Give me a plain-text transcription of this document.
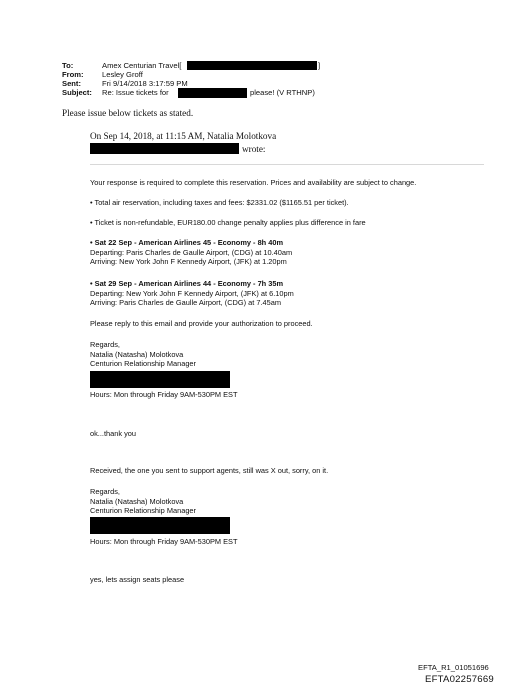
To:	Amex Centurian Travel[	]
From: Lesley Groff
Sent:	Fri 9/14/2018 3:17:59 PM
Subject: Re: Issue tickets for	please! (V RTHNP)
Please issue below tickets as stated.
On Sep 14, 2018, at 11:15 AM, Natalia Molotkova
wrote:
Your response is required to complete this reservation. Prices and availability are subject to change.
• Total air reservation, including taxes and fees: $2331.02 ($1165.51 per ticket).
• Ticket is non-refundable, EUR180.00 change penalty applies plus difference in fare
• Sat 22 Sep - American Airlines 45 - Economy - 8h 40m
Departing: Paris Charles de Gaulle Airport, (CDG) at 10.40am
Arriving: New York John F Kennedy Airport, (JFK) at 1.20pm
• Sat 29 Sep - American Airlines 44 - Economy - 7h 35m
Departing: New York John F Kennedy Airport, (JFK) at 6.10pm
Arriving: Paris Charles de Gaulle Airport, (CDG) at 7.45am
Please reply to this email and provide your authorization to proceed.
Regards,
Natalia (Natasha) Molotkova
Centurion Relationship Manager
Hours: Mon through Friday 9AM-530PM EST
ok...thank you
Received, the one you sent to support agents, still was X out, sorry, on it.
Regards,
Natalia (Natasha) Molotkova
Centurion Relationship Manager
Hours: Mon through Friday 9AM-530PM EST
yes, lets assign seats please
EFTA_R1_01051696
EFTA02257669
